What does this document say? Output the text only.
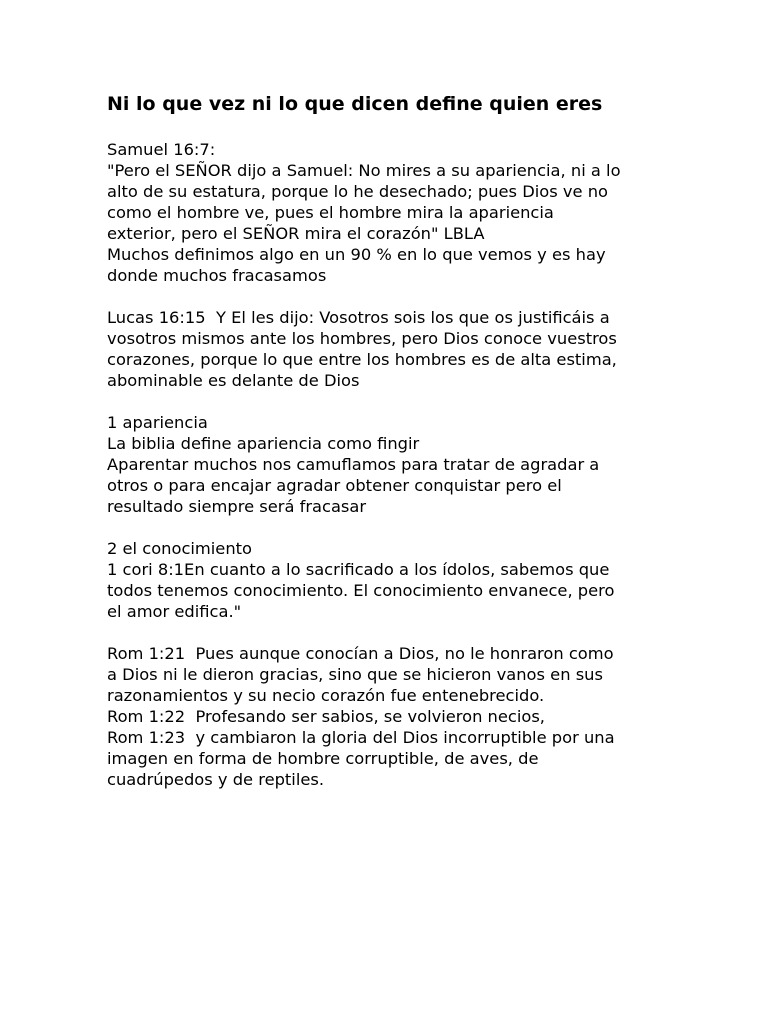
Ni lo que vez ni lo que dicen define quien eres
Samuel 16:7:
"Pero el SEÑOR dijo a Samuel: No mires a su apariencia, ni a lo
alto de su estatura, porque lo he desechado; pues Dios ve no
como el hombre ve, pues el hombre mira la apariencia
exterior, pero el SEÑOR mira el corazón" LBLA
Muchos definimos algo en un 90 % en lo que vemos y es hay
donde muchos fracasamos
Lucas 16:15  Y El les dijo: Vosotros sois los que os justificáis a
vosotros mismos ante los hombres, pero Dios conoce vuestros
corazones, porque lo que entre los hombres es de alta estima,
abominable es delante de Dios
1 apariencia
La biblia define apariencia como fingir
Aparentar muchos nos camuflamos para tratar de agradar a
otros o para encajar agradar obtener conquistar pero el
resultado siempre será fracasar
2 el conocimiento
1 cori 8:1En cuanto a lo sacrificado a los ídolos, sabemos que
todos tenemos conocimiento. El conocimiento envanece, pero
el amor edifica."
Rom 1:21  Pues aunque conocían a Dios, no le honraron como
a Dios ni le dieron gracias, sino que se hicieron vanos en sus
razonamientos y su necio corazón fue entenebrecido.
Rom 1:22  Profesando ser sabios, se volvieron necios,
Rom 1:23  y cambiaron la gloria del Dios incorruptible por una
imagen en forma de hombre corruptible, de aves, de
cuadrúpedos y de reptiles.
